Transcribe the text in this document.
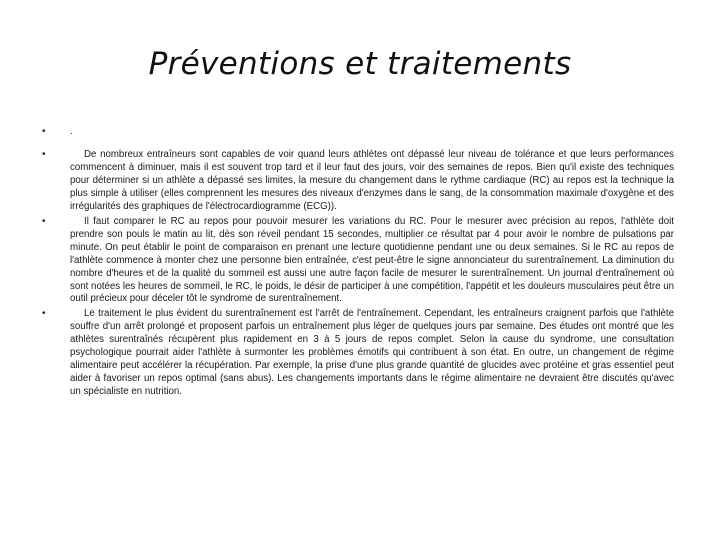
Préventions et traitements
•	.
•	De nombreux entraîneurs sont capables de voir quand leurs athlètes ont dépassé leur niveau de tolérance et que leurs performances commencent à diminuer, mais il est souvent trop tard et il leur faut des jours, voir des semaines de repos. Bien qu'il existe des techniques pour déterminer si un athlète a dépassé ses limites, la mesure du changement dans le rythme cardiaque (RC) au repos est la technique la plus simple à utiliser (elles comprennent les mesures des niveaux d'enzymes dans le sang, de la consommation maximale d'oxygène et des irrégularités des graphiques de l'électrocardiogramme (ECG)).
•	Il faut comparer le RC au repos pour pouvoir mesurer les variations du RC. Pour le mesurer avec précision au repos, l'athlète doit prendre son pouls le matin au lit, dès son réveil pendant 15 secondes, multiplier ce résultat par 4 pour avoir le nombre de pulsations par minute. On peut établir le point de comparaison en prenant une lecture quotidienne pendant une ou deux semaines. Si le RC au repos de l'athlète commence à monter chez une personne bien entraînée, c'est peut-être le signe annonciateur du surentraînement. La diminution du nombre d'heures et de la qualité du sommeil est aussi une autre façon facile de mesurer le surentraînement. Un journal d'entraînement où sont notées les heures de sommeil, le RC, le poids, le désir de participer à une compétition, l'appétit et les douleurs musculaires peut être un outil précieux pour déceler tôt le syndrome de surentraînement.
•	Le traitement le plus évident du surentraînement est l'arrêt de l'entraînement. Cependant, les entraîneurs craignent parfois que l'athlète souffre d'un arrêt prolongé et proposent parfois un entraînement plus léger de quelques jours par semaine. Des études ont montré que les athlètes surentraînés récupèrent plus rapidement en 3 à 5 jours de repos complet. Selon la cause du syndrome, une consultation psychologique pourrait aider l'athlète à surmonter les problèmes émotifs qui contribuent à son état. En outre, un changement de régime alimentaire peut accélérer la récupération. Par exemple, la prise d'une plus grande quantité de glucides avec protéine et gras essentiel peut aider à favoriser un repos optimal (sans abus). Les changements importants dans le régime alimentaire ne devraient être discutés qu'avec un spécialiste en nutrition.
